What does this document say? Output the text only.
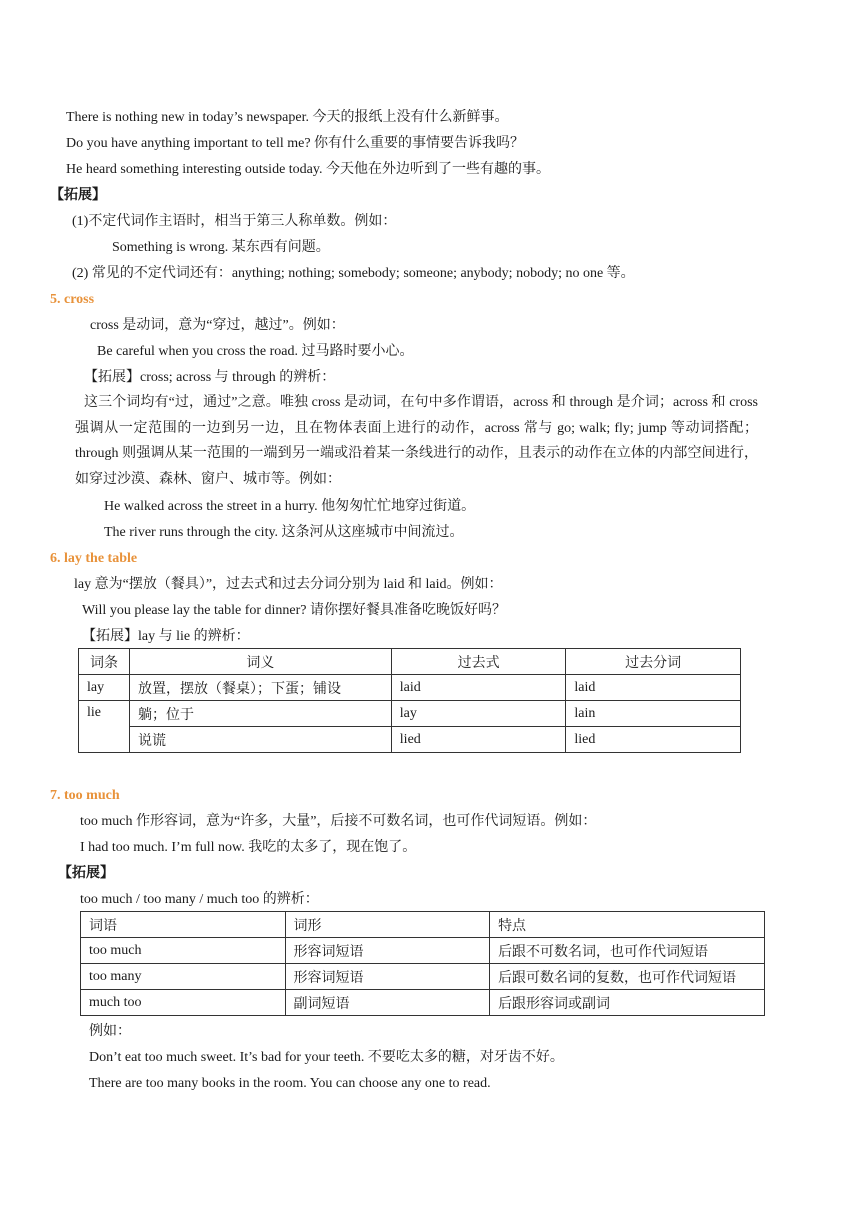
There is nothing new in today’s newspaper. 今天的报纸上没有什么新鲜事。
Do you have anything important to tell me? 你有什么重要的事情要告诉我吗？
He heard something interesting outside today. 今天他在外边听到了一些有趣的事。
【拓展】
(1)不定代词作主语时，相当于第三人称单数。例如：
Something is wrong. 某东西有问题。
(2) 常见的不定代词还有：anything; nothing; somebody; someone; anybody; nobody; no one 等。
5. cross
cross 是动词，意为“穿过，越过”。例如：
Be careful when you cross the road. 过马路时要小心。
【拓展】cross; across 与 through 的辨析：
这三个词均有“过，通过”之意。唯独 cross 是动词，在句中多作谓语，across 和 through 是介词；across 和 cross 强调从一定范围的一边到另一边，且在物体表面上进行的动作，across 常与 go; walk; fly; jump 等动词搭配；through 则强调从某一范围的一端到另一端或沿着某一条线进行的动作，且表示的动作在立体的内部空间进行，如穿过沙漠、森林、窗户、城市等。例如：
He walked across the street in a hurry. 他匆匆忙忙地穿过街道。
The river runs through the city. 这条河从这座城市中间流过。
6. lay the table
lay 意为“摆放（餐具）”，过去式和过去分词分别为 laid 和 laid。例如：
Will you please lay the table for dinner? 请你摆好餐具准备吃晚饭好吗？
【拓展】lay 与 lie 的辨析：
词条	词义	过去式	过去分词
lay	放置，摆放（餐桌）；下蛋；铺设	laid	laid
lie	躺；位于	lay	lain
	说谎	lied	lied
7. too much
too much 作形容词，意为“许多，大量”，后接不可数名词，也可作代词短语。例如：
I had too much. I’m full now. 我吃的太多了，现在饱了。
【拓展】
too much / too many / much too 的辨析：
词语	词形	特点
too much	形容词短语	后跟不可数名词，也可作代词短语
too many	形容词短语	后跟可数名词的复数，也可作代词短语
much too	副词短语	后跟形容词或副词
例如：
Don’t eat too much sweet. It’s bad for your teeth. 不要吃太多的糖，对牙齿不好。
There are too many books in the room. You can choose any one to read.
